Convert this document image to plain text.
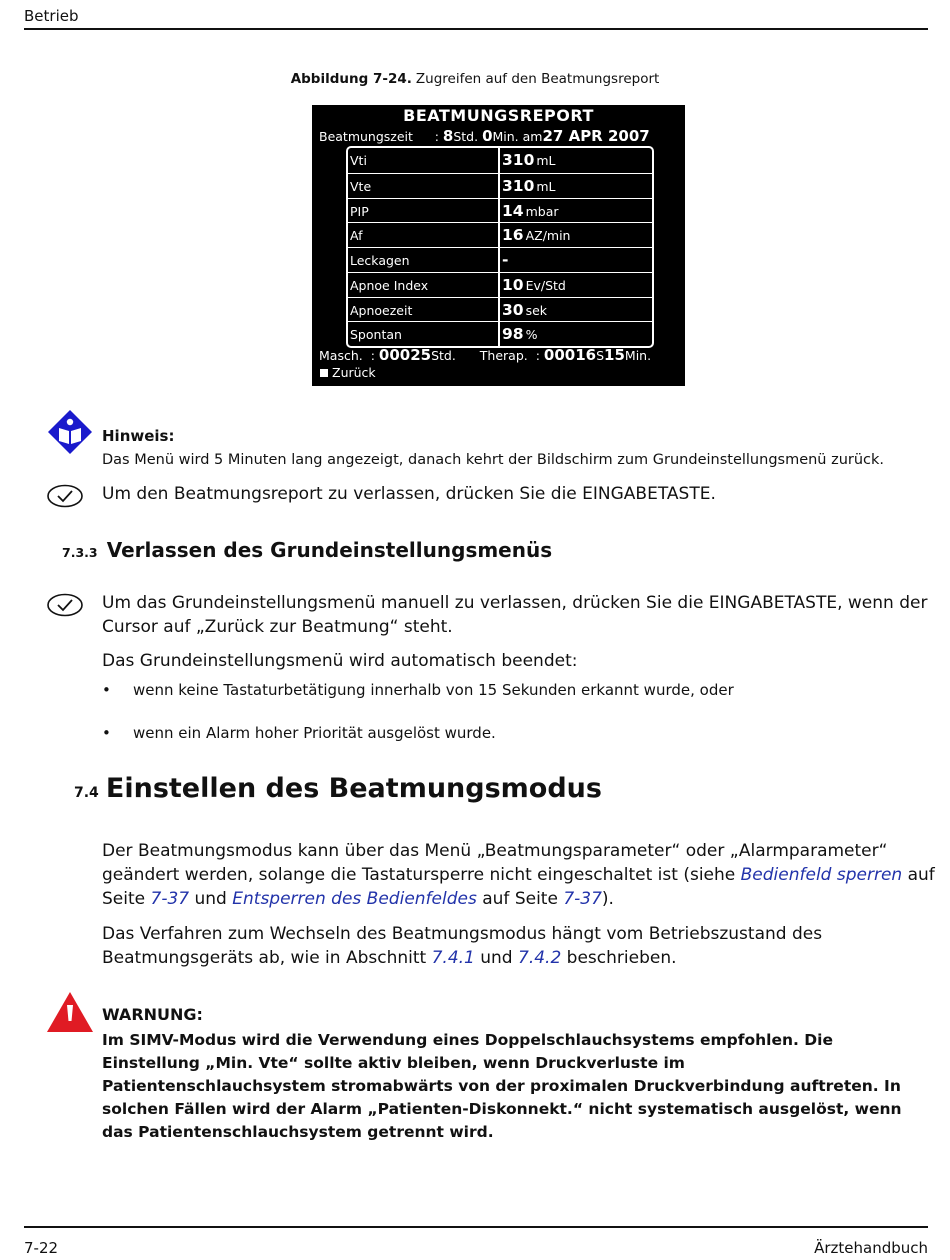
Betrieb
Abbildung 7-24. Zugreifen auf den Beatmungsreport
BEATMUNGSREPORT
Beatmungszeit : 8Std. 0Min. am27 APR 2007
Vti	310 mL
Vte	310 mL
PIP	14 mbar
Af	16 AZ/min
Leckagen	-
Apnoe Index	10 Ev/Std
Apnoezeit	30 sek
Spontan	98 %
Masch.  : 00025Std. Therap.  : 00016S15Min.
Zurück
Hinweis:
Das Menü wird 5 Minuten lang angezeigt, danach kehrt der Bildschirm zum Grundeinstellungsmenü zurück.
Um den Beatmungsreport zu verlassen, drücken Sie die EINGABETASTE.
7.3.3 Verlassen des Grundeinstellungsmenüs
Um das Grundeinstellungsmenü manuell zu verlassen, drücken Sie die EINGABETASTE, wenn der
Cursor auf „Zurück zur Beatmung“ steht.
Das Grundeinstellungsmenü wird automatisch beendet:
• wenn keine Tastaturbetätigung innerhalb von 15 Sekunden erkannt wurde, oder
• wenn ein Alarm hoher Priorität ausgelöst wurde.
7.4 Einstellen des Beatmungsmodus
Der Beatmungsmodus kann über das Menü „Beatmungsparameter“ oder „Alarmparameter“
geändert werden, solange die Tastatursperre nicht eingeschaltet ist (siehe Bedienfeld sperren auf
Seite 7-37 und Entsperren des Bedienfeldes auf Seite 7-37).
Das Verfahren zum Wechseln des Beatmungsmodus hängt vom Betriebszustand des
Beatmungsgeräts ab, wie in Abschnitt 7.4.1 und 7.4.2 beschrieben.
WARNUNG:
Im SIMV-Modus wird die Verwendung eines Doppelschlauchsystems empfohlen. Die Einstellung „Min. Vte“ sollte aktiv bleiben, wenn Druckverluste im Patientenschlauchsystem stromabwärts von der proximalen Druckverbindung auftreten. In solchen Fällen wird der Alarm „Patienten-Diskonnekt.“ nicht systematisch ausgelöst, wenn das Patientenschlauchsystem getrennt wird.
7-22	Ärztehandbuch
